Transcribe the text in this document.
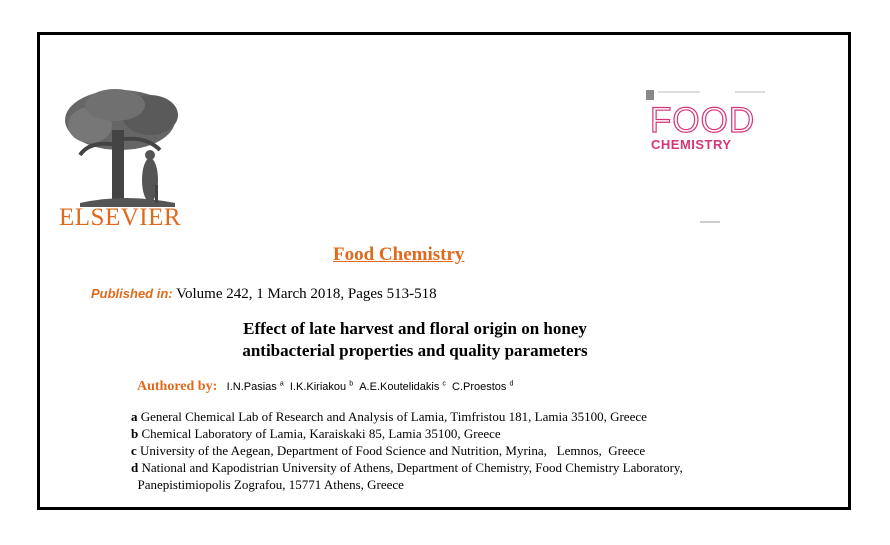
ELSEVIER
FOOD
CHEMISTRY
Food Chemistry
Published in: Volume 242, 1 March 2018, Pages 513-518
Effect of late harvest and floral origin on honey
antibacterial properties and quality parameters
Authored by: I.N.Pasias $^a$ I.K.Kiriakou $^b$ A.E.Koutelidakis $^c$ C.Proestos $^d$
a General Chemical Lab of Research and Analysis of Lamia, Timfristou 181, Lamia 35100, Greece
b Chemical Laboratory of Lamia, Karaiskaki 85, Lamia 35100, Greece
c University of the Aegean, Department of Food Science and Nutrition, Myrina,   Lemnos,  Greece
d National and Kapodistrian University of Athens, Department of Chemistry, Food Chemistry Laboratory,
Panepistimiopolis Zografou, 15771 Athens, Greece
